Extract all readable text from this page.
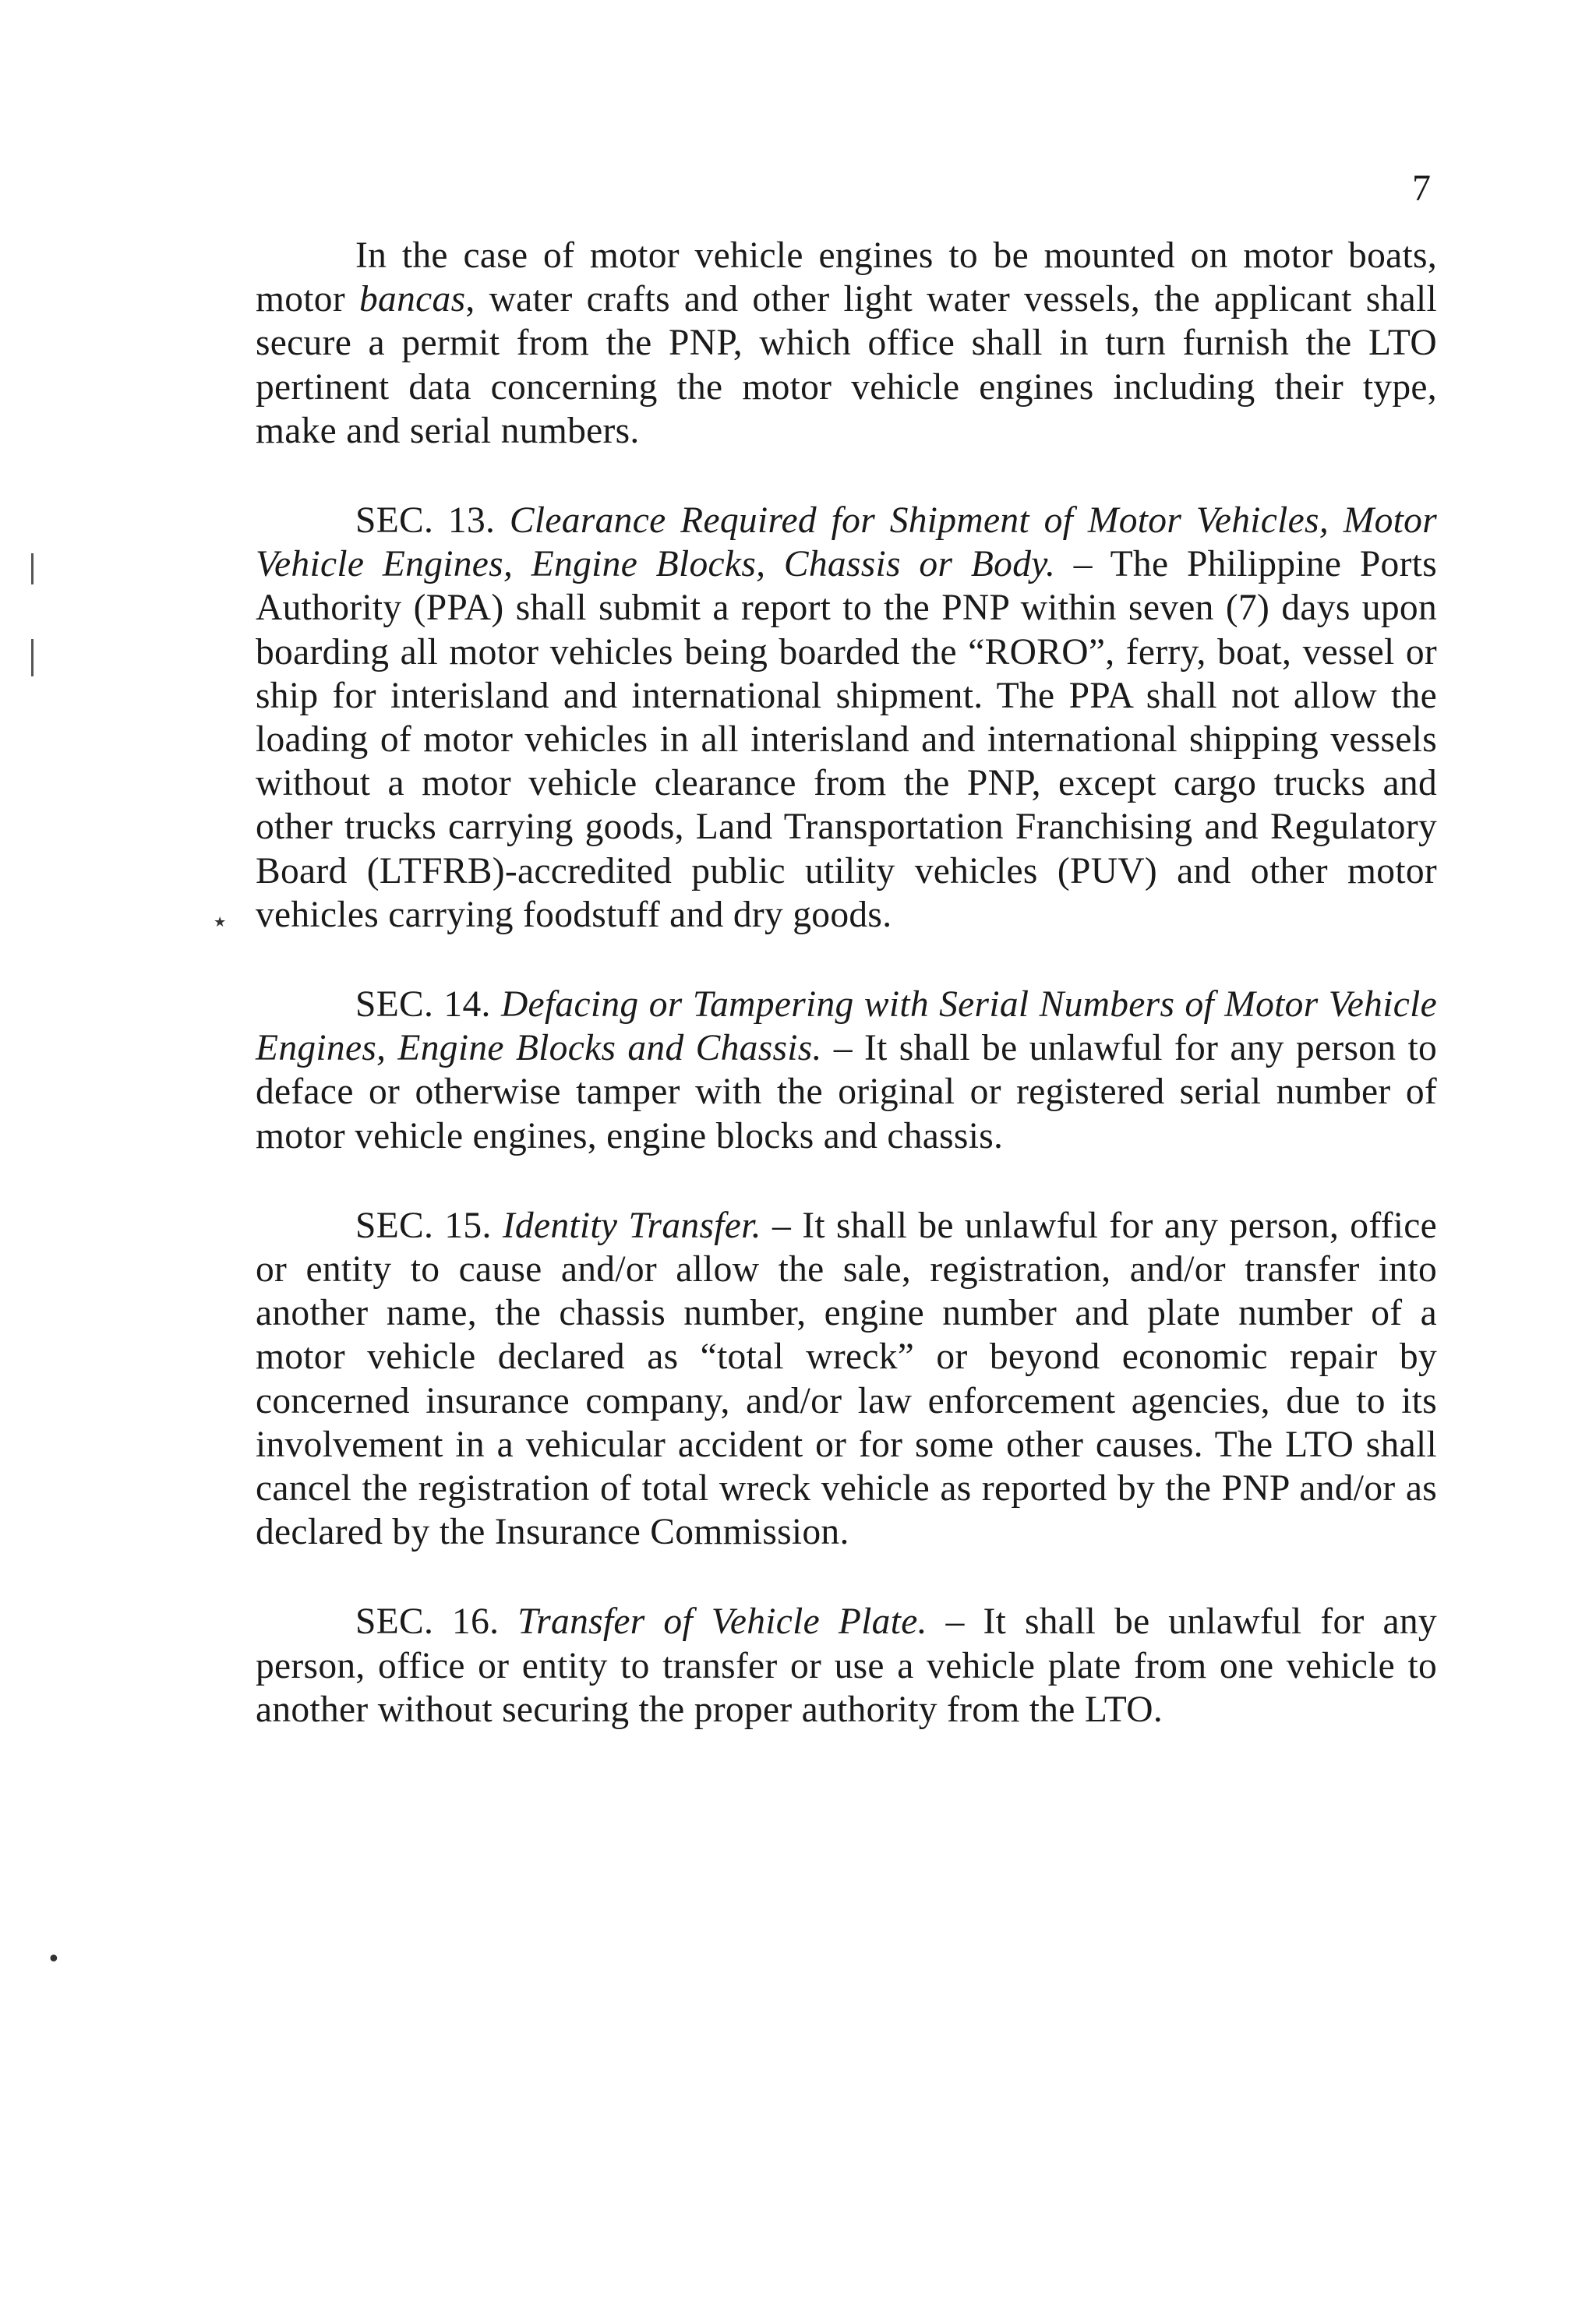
7
٭
•

In the case of motor vehicle engines to be mounted on motor boats, motor bancas, water crafts and other light water vessels, the applicant shall secure a permit from the PNP, which office shall in turn furnish the LTO pertinent data concerning the motor vehicle engines including their type, make and serial numbers.

SEC. 13. Clearance Required for Shipment of Motor Vehicles, Motor Vehicle Engines, Engine Blocks, Chassis or Body. – The Philippine Ports Authority (PPA) shall submit a report to the PNP within seven (7) days upon boarding all motor vehicles being boarded the “RORO”, ferry, boat, vessel or ship for interisland and international shipment. The PPA shall not allow the loading of motor vehicles in all interisland and international shipping vessels without a motor vehicle clearance from the PNP, except cargo trucks and other trucks carrying goods, Land Transportation Franchising and Regulatory Board (LTFRB)-accredited public utility vehicles (PUV) and other motor vehicles carrying foodstuff and dry goods.

SEC. 14. Defacing or Tampering with Serial Numbers of Motor Vehicle Engines, Engine Blocks and Chassis. – It shall be unlawful for any person to deface or otherwise tamper with the original or registered serial number of motor vehicle engines, engine blocks and chassis.

SEC. 15. Identity Transfer. – It shall be unlawful for any person, office or entity to cause and/or allow the sale, registration, and/or transfer into another name, the chassis number, engine number and plate number of a motor vehicle declared as “total wreck” or beyond economic repair by concerned insurance company, and/or law enforcement agencies, due to its involvement in a vehicular accident or for some other causes. The LTO shall cancel the registration of total wreck vehicle as reported by the PNP and/or as declared by the Insurance Commission.

SEC. 16. Transfer of Vehicle Plate. – It shall be unlawful for any person, office or entity to transfer or use a vehicle plate from one vehicle to another without securing the proper authority from the LTO.
